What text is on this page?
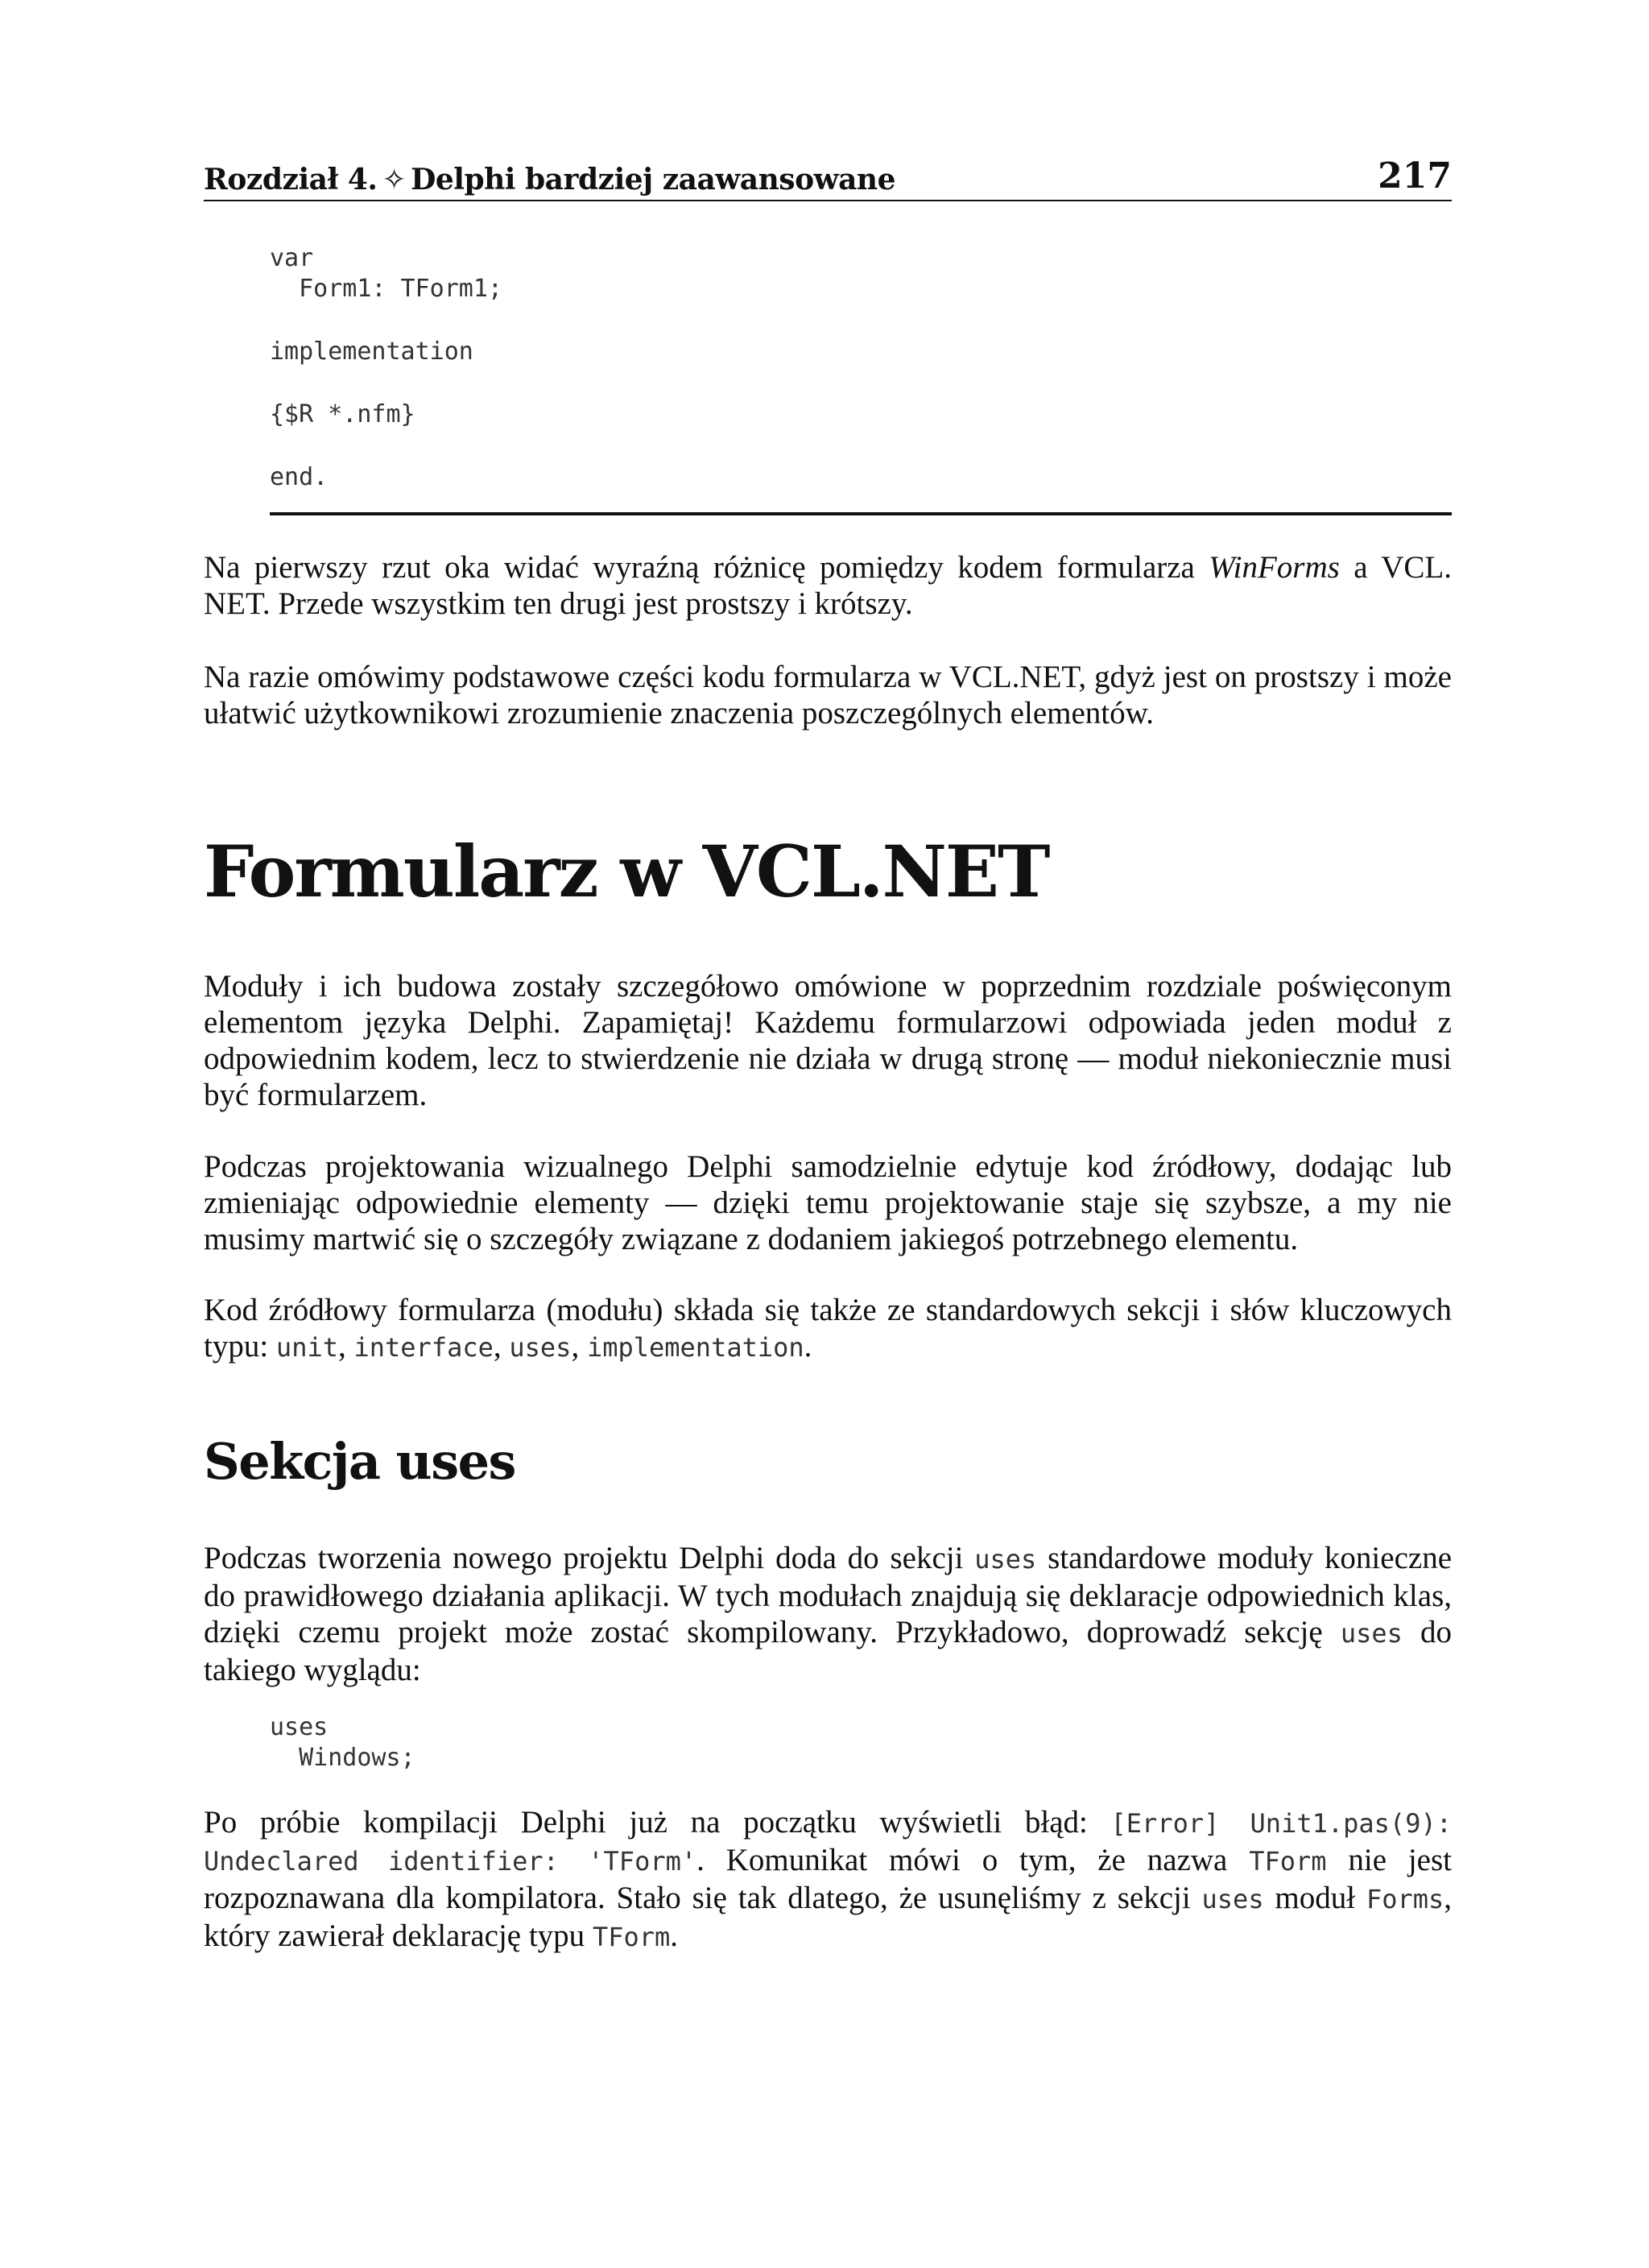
Rozdział 4. ✧ Delphi bardziej zaawansowane	217
var
Form1: TForm1;
implementation
{$R *.nfm}
end.

Na pierwszy rzut oka widać wyraźną różnicę pomiędzy kodem formularza WinForms a VCL. NET. Przede wszystkim ten drugi jest prostszy i krótszy.

Na razie omówimy podstawowe części kodu formularza w VCL.NET, gdyż jest on prostszy i może ułatwić użytkownikowi zrozumienie znaczenia poszczególnych elementów.

Formularz w VCL.NET

Moduły i ich budowa zostały szczegółowo omówione w poprzednim rozdziale poświęconym elementom języka Delphi. Zapamiętaj! Każdemu formularzowi odpowiada jeden moduł z odpowiednim kodem, lecz to stwierdzenie nie działa w drugą stronę — moduł niekoniecznie musi być formularzem.

Podczas projektowania wizualnego Delphi samodzielnie edytuje kod źródłowy, dodając lub zmieniając odpowiednie elementy — dzięki temu projektowanie staje się szybsze, a my nie musimy martwić się o szczegóły związane z dodaniem jakiegoś potrzebnego elementu.

Kod źródłowy formularza (modułu) składa się także ze standardowych sekcji i słów kluczowych typu: unit, interface, uses, implementation.

Sekcja uses

Podczas tworzenia nowego projektu Delphi doda do sekcji uses standardowe moduły konieczne do prawidłowego działania aplikacji. W tych modułach znajdują się deklaracje odpowiednich klas, dzięki czemu projekt może zostać skompilowany. Przykładowo, doprowadź sekcję uses do takiego wyglądu:

uses
Windows;

Po próbie kompilacji Delphi już na początku wyświetli błąd: [Error] Unit1.pas(9): Undeclared identifier: 'TForm'. Komunikat mówi o tym, że nazwa TForm nie jest rozpoznawana dla kompilatora. Stało się tak dlatego, że usunęliśmy z sekcji uses moduł Forms, który zawierał deklarację typu TForm.
